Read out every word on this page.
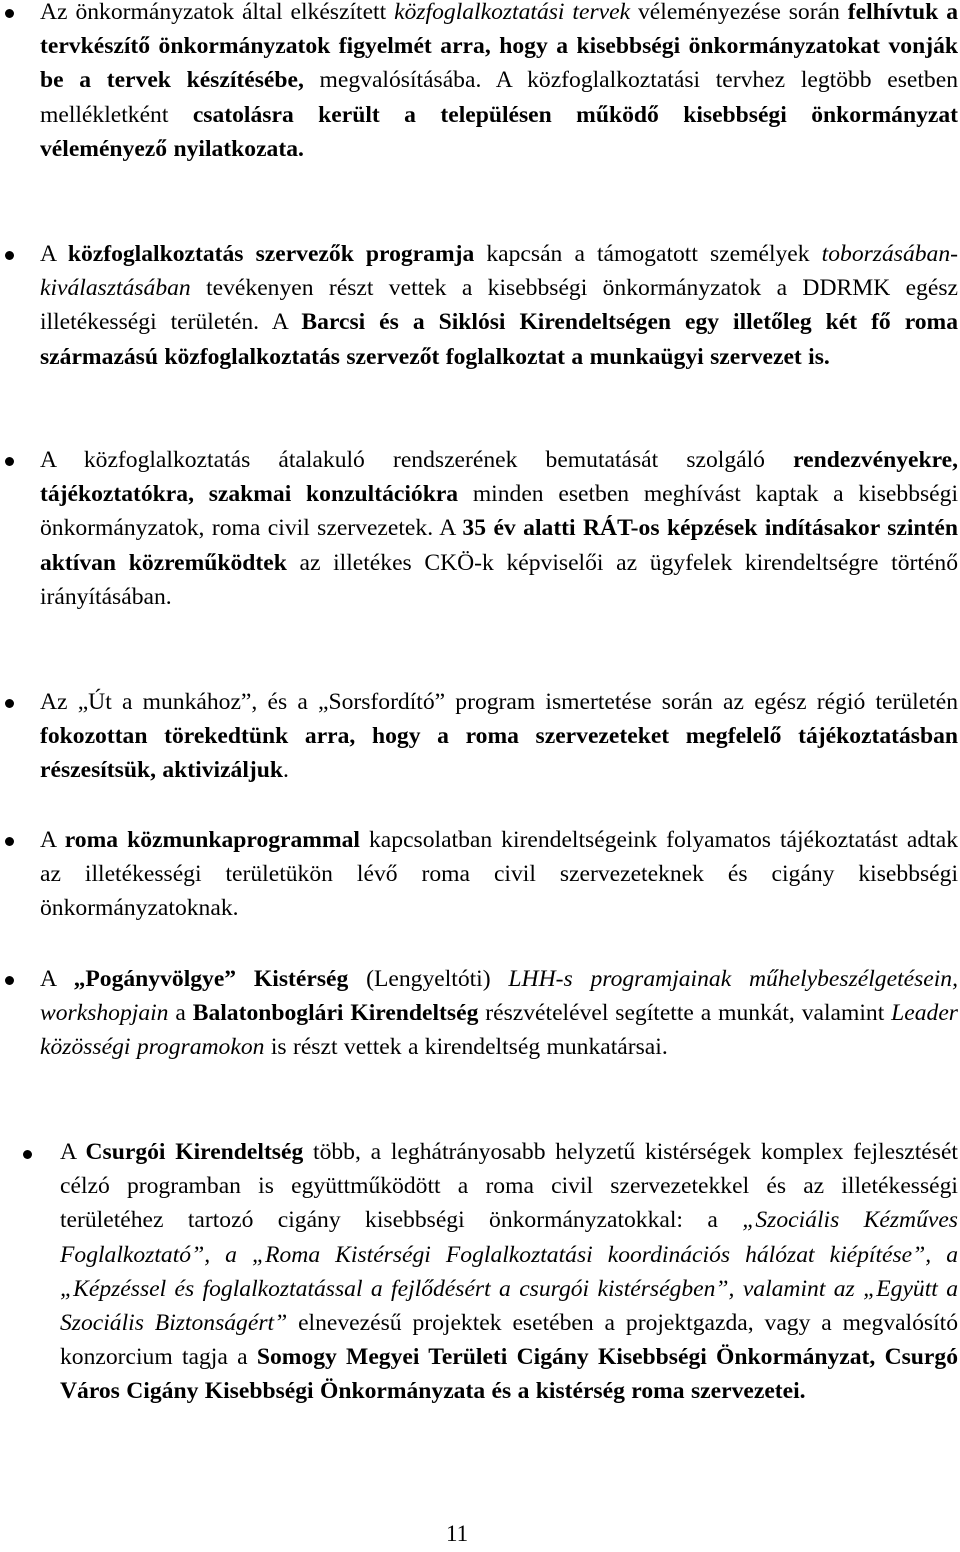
Az önkormányzatok által elkészített közfoglalkoztatási tervek véleményezése során felhívtuk a tervkészítő önkormányzatok figyelmét arra, hogy a kisebbségi önkormányzatokat vonják be a tervek készítésébe, megvalósításába. A közfoglalkoztatási tervhez legtöbb esetben mellékletként csatolásra került a településen működő kisebbségi önkormányzat véleményező nyilatkozata.
A közfoglalkoztatás szervezők programja kapcsán a támogatott személyek toborzásában-kiválasztásában tevékenyen részt vettek a kisebbségi önkormányzatok a DDRMK egész illetékességi területén. A Barcsi és a Siklósi Kirendeltségen egy illetőleg két fő roma származású közfoglalkoztatás szervezőt foglalkoztat a munkaügyi szervezet is.
A közfoglalkoztatás átalakuló rendszerének bemutatását szolgáló rendezvényekre, tájékoztatókra, szakmai konzultációkra minden esetben meghívást kaptak a kisebbségi önkormányzatok, roma civil szervezetek. A 35 év alatti RÁT-os képzések indításakor szintén aktívan közreműködtek az illetékes CKÖ-k képviselői az ügyfelek kirendeltségre történő irányításában.
Az „Út a munkához”, és a „Sorsfordító” program ismertetése során az egész régió területén fokozottan törekedtünk arra, hogy a roma szervezeteket megfelelő tájékoztatásban részesítsük, aktivizáljuk.
A roma közmunkaprogrammal kapcsolatban kirendeltségeink folyamatos tájékoztatást adtak az illetékességi területükön lévő roma civil szervezeteknek és cigány kisebbségi önkormányzatoknak.
A „Pogányvölgye” Kistérség (Lengyeltóti) LHH-s programjainak műhelybeszélgetésein, workshopjain a Balatonboglári Kirendeltség részvételével segítette a munkát, valamint Leader közösségi programokon is részt vettek a kirendeltség munkatársai.
A Csurgói Kirendeltség több, a leghátrányosabb helyzetű kistérségek komplex fejlesztését célzó programban is együttműködött a roma civil szervezetekkel és az illetékességi területéhez tartozó cigány kisebbségi önkormányzatokkal: a „Szociális Kézműves Foglalkoztató”, a „Roma Kistérségi Foglalkoztatási koordinációs hálózat kiépítése”, a „Képzéssel és foglalkoztatással a fejlődésért a csurgói kistérségben”, valamint az „Együtt a Szociális Biztonságért” elnevezésű projektek esetében a projektgazda, vagy a megvalósító konzorcium tagja a Somogy Megyei Területi Cigány Kisebbségi Önkormányzat, Csurgó Város Cigány Kisebbségi Önkormányzata és a kistérség roma szervezetei.
11
